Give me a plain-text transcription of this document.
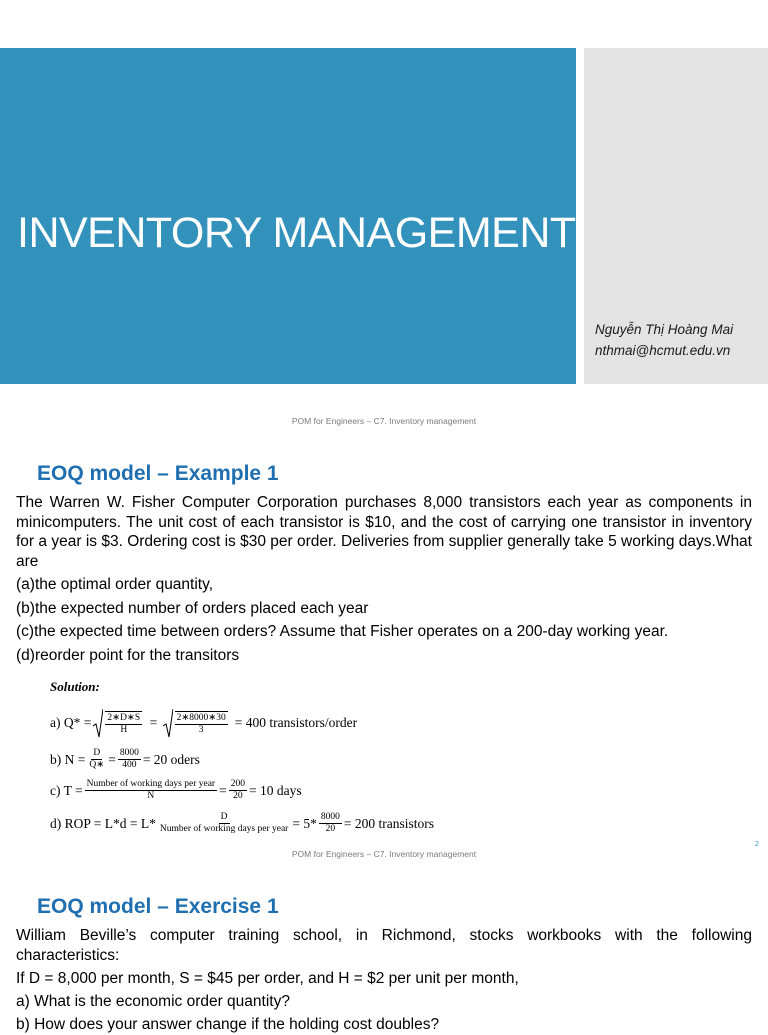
INVENTORY MANAGEMENT
Nguyễn Thị Hoàng Mai
nthmai@hcmut.edu.vn
POM for Engineers – C7. Inventory management
EOQ model – Example 1

The Warren W. Fisher Computer Corporation purchases 8,000 transistors each year as components in minicomputers. The unit cost of each transistor is $10, and the cost of carrying one transistor in inventory for a year is $3. Ordering cost is $30 per order. Deliveries from supplier generally take 5 working days.What are

(a)the optimal order quantity,
(b)the expected number of orders placed each year
(c)the expected time between orders? Assume that Fisher operates on a 200-day working year.
(d)reorder point for the transitors
Solution:
a) $Q* = \frac{2∗D∗S}{H} = \frac{2∗8000∗30}{3} = 400$ transistors/order
b) $N = \frac{D}{Q∗} = \frac{8000}{400} = 20$ oders
c) $T = \frac{\text{Number of working days per year}}{N} = \frac{200}{20} = 10$ days
d) ROP = $L*d = L* \frac{D}{\text{Number of working days per year}} = 5* \frac{8000}{20} = 200$ transistors
POM for Engineers – C7. Inventory management
2
EOQ model – Exercise 1

William Beville’s computer training school, in Richmond, stocks workbooks with the following characteristics:

If D = 8,000 per month, S = $45 per order, and H = $2 per unit per month,
a) What is the economic order quantity?
b) How does your answer change if the holding cost doubles?
